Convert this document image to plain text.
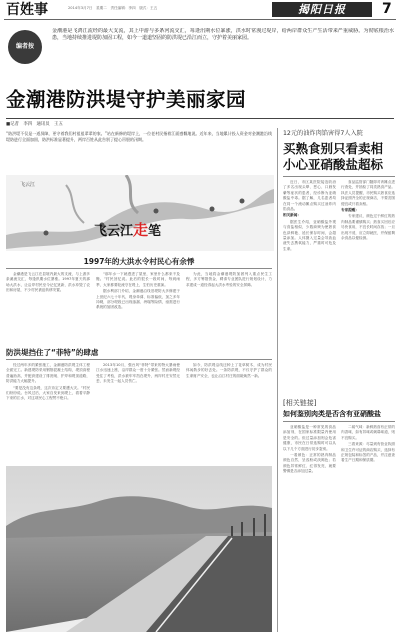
百姓事	2014年3月7日　星期二　责任编辑：李四　版式：王五	揭阳日报	7
编者按
金潮港是飞鸿江流经的最大支流，其上中游与多条河流交汇，每逢汛期水位暴涨，洪水时常漫过堤岸，给两岸群众生产生活带来严重威胁。为彻底根治水患，当地持续推进堤防加固工程，如今一道道坚固的防洪堤已沿江而立，守护着美丽家园。
金潮港防洪堤守护美丽家园
■记者　李四　通讯员　王五
“防洪堤不仅是一道屏障，更守着我们村祖祖辈辈的家。”站在新修的堤岸上，一位老村民指着江面感慨地说。近年来，当地累计投入资金对金潮港沿线堤防进行全面加固，防洪标准显著提升，两岸百姓从此告别了提心吊胆的汛期。
飞云江
飞云江走笔
1997年的大洪水令村民心有余悸

金潮港是飞云江在县境内最大的支流，与上游多条溪流交汇，每逢汛期水位暴涨。1997年夏天的那场大洪水，让沿岸村民至今记忆犹新，洪水冲毁了农田和房屋，不少村民被迫转移安置。

“那年水一下就漫进了屋里，家里什么都来不及搬。”村民回忆说。此后的很长一段时间，每到雨季，大家都要轮流守在堤上，生怕历史重演。

据水利部门介绍，金潮港沿线旧堤防大多修建于上世纪六七十年代，堤身单薄、标准偏低，加之多年冲刷，部分堤段已出现渗漏、坍塌等险情，亟需进行系统的加固改造。

为此，当地将金潮港堤防加固列入重点民生工程，多方筹措资金，聘请专业团队进行规划设计，力求建成一道经得起大洪水考验的安全屏障。

防洪堤挡住了“菲特”的肆虐

经过两年多的紧张施工，金潮港防洪堤主体工程全面完工。新建堤防采用钢筋混凝土结构，堤顶高程普遍抬高，并配套建设了排涝闸、护岸和堤顶道路，防洪能力大幅提升。

“要是没有这条堤，这次肯定又要遭大灾。”村民们纷纷说。台风过后，大家自发来到堤上，看着平静下来的江水，对这项民心工程赞不绝口。

2013年10月，强台风“菲特”带来的特大暴雨使江水迅速上涨，沿岸群众一度十分紧张。然而新堤经受住了考验，洪水被牢牢挡在堤外，两岸村庄安然无恙，未发生一起人员伤亡。

如今，防洪堤沿线还种上了花草树木，成为村民休闲散步的好去处。一条防洪堤，不仅守护了群众的生命财产安全，也让沿江村庄的面貌焕然一新。

12元的油炸肉馅害得7人入院
买熟食别只看卖相
小心亚硝酸盐超标

近日，市区某医院接连收治了多名出现头晕、恶心、口唇发紫等症状的患者，经诊断为亚硝酸盐中毒。据了解，几名患者均在同一个流动摊点购买过油炸肉馅食品。

相关新闻：

据医生介绍，亚硝酸盐外观与食盐相似，少数商贩为使熟食色泽鲜艳、延长保存时间，会超量添加。人体摄入过量会导致血液失去携氧能力，严重时可危及生命。

食品监管部门随即对该摊点进行查处，并抽检了同类熟食产品。执法人员提醒，市民购买熟食应选择证照齐全的正规商店，不要贪图便宜或只看卖相。

专家提醒：

专家建议，颜色过于鲜红的熟肉制品要谨慎购买；熟食买回后应尽快食用，不宜长时间存放；一旦出现不适，应立即就医，并保留剩余食品以便检测。

[相关链接]
如何鉴别肉类是否含有亚硝酸盐

亚硝酸盐是一种常见的食品添加剂，在国家标准限量内使用是安全的。但过量添加则会危害健康，市民在日常选购时可以从以下几个方面进行初步鉴别。

一看颜色：正常的熟肉制品颜色自然，呈浅粉或淡褐色；若颜色异常鲜红、红得发亮，就要警惕是否添加过量。

二闻气味：新鲜熟食有正常的肉香味，如有异味或刺鼻味道，则不宜购买。

三看来源：尽量到有营业执照和卫生许可证的商店购买，选择有正规包装和标签的产品，并注意查看生产日期和保质期。
